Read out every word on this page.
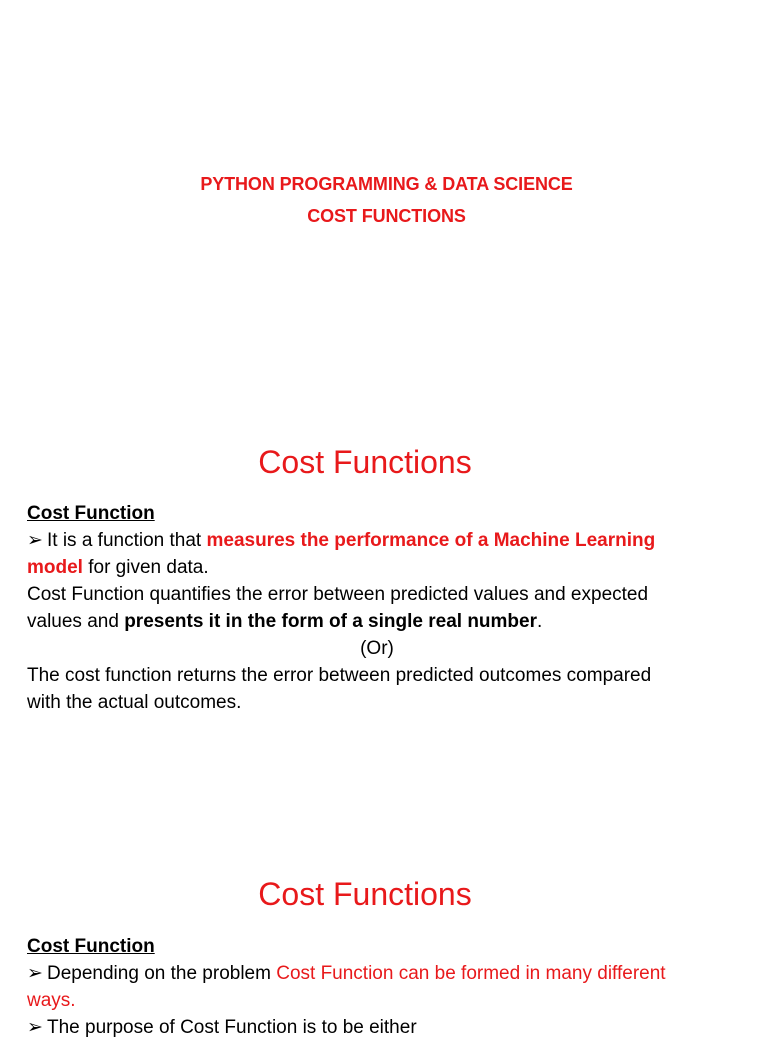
PYTHON PROGRAMMING & DATA SCIENCE
COST FUNCTIONS
Cost Functions

Cost Function

➢ It is a function that measures the performance of a Machine Learning

model for given data.

Cost Function quantifies the error between predicted values and expected

values and presents it in the form of a single real number.

(Or)

The cost function returns the error between predicted outcomes compared

with the actual outcomes.

Cost Functions

Cost Function

➢ Depending on the problem Cost Function can be formed in many different

ways.

➢ The purpose of Cost Function is to be either
